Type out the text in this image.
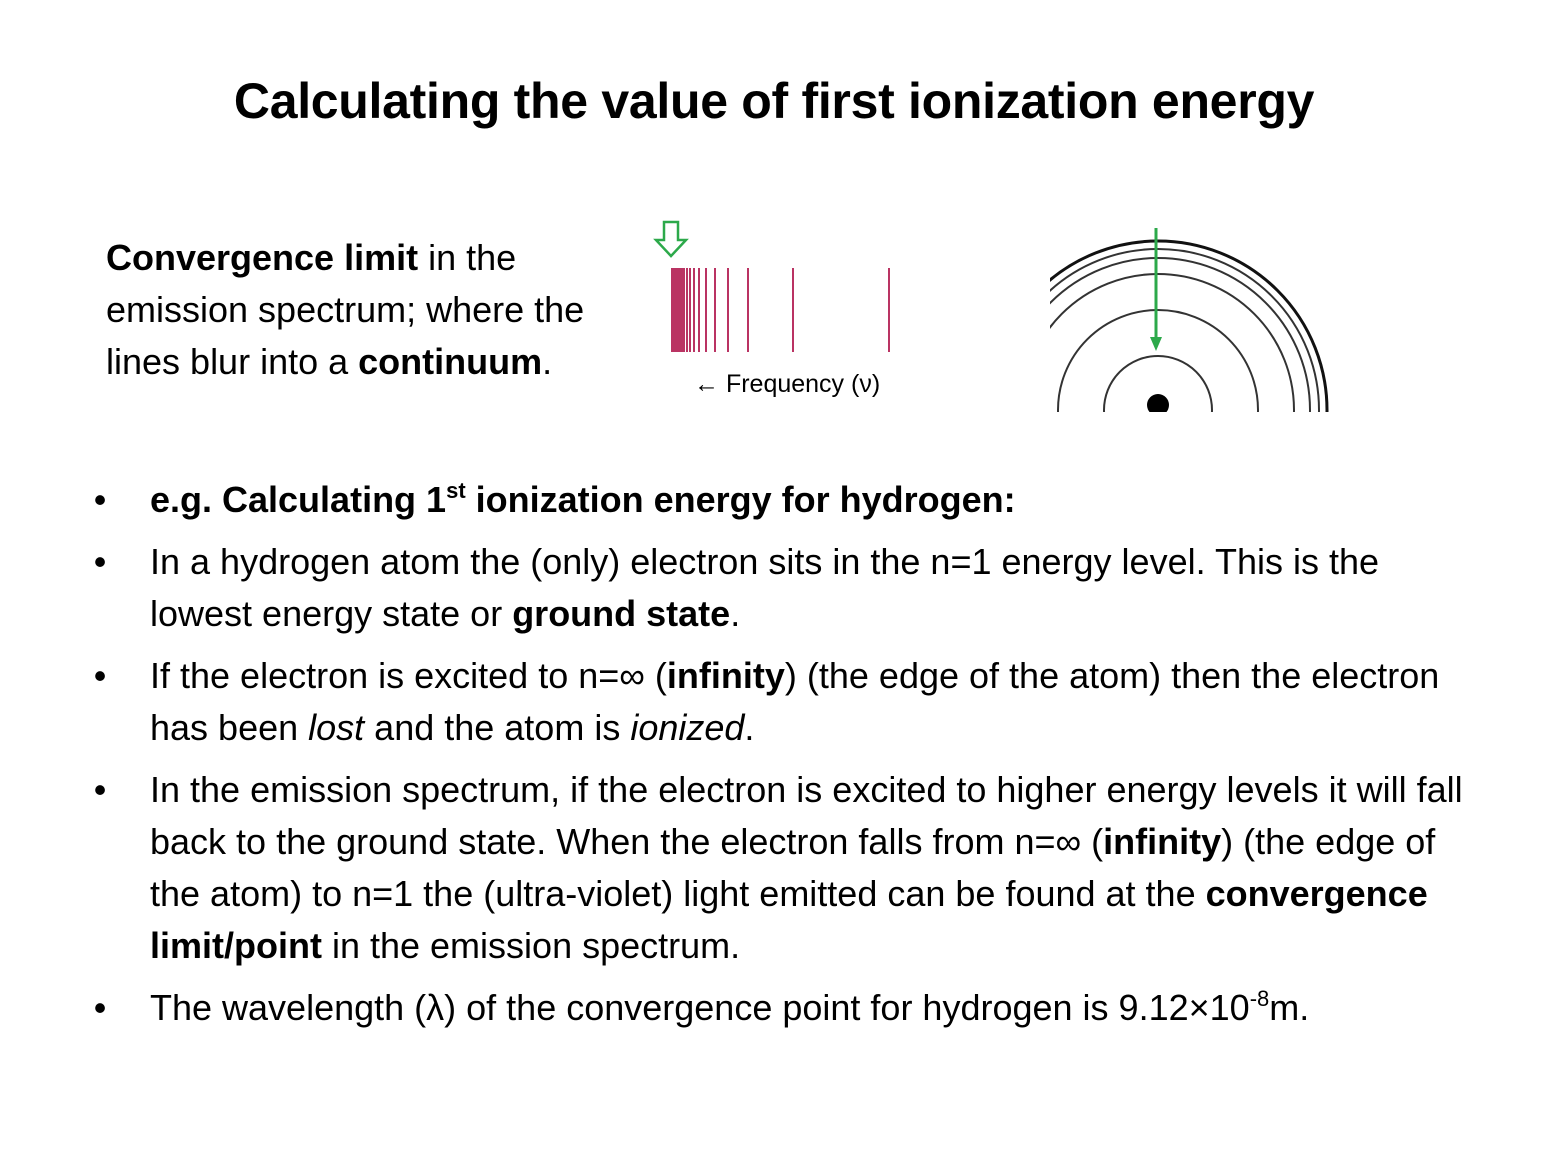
Calculating the value of first ionization energy
Convergence limit in the emission spectrum; where the lines blur into a continuum.
← Frequency (ν)
• e.g. Calculating 1st ionization energy for hydrogen:
• In a hydrogen atom the (only) electron sits in the n=1 energy level. This is the lowest energy state or ground state.
• If the electron is excited to n=∞ (infinity) (the edge of the atom) then the electron has been lost and the atom is ionized.
• In the emission spectrum, if the electron is excited to higher energy levels it will fall back to the ground state. When the electron falls from n=∞ (infinity) (the edge of the atom) to n=1 the (ultra-violet) light emitted can be found at the convergence limit/point in the emission spectrum.
• The wavelength (λ) of the convergence point for hydrogen is $9.12\times 10^{-8}m$.
